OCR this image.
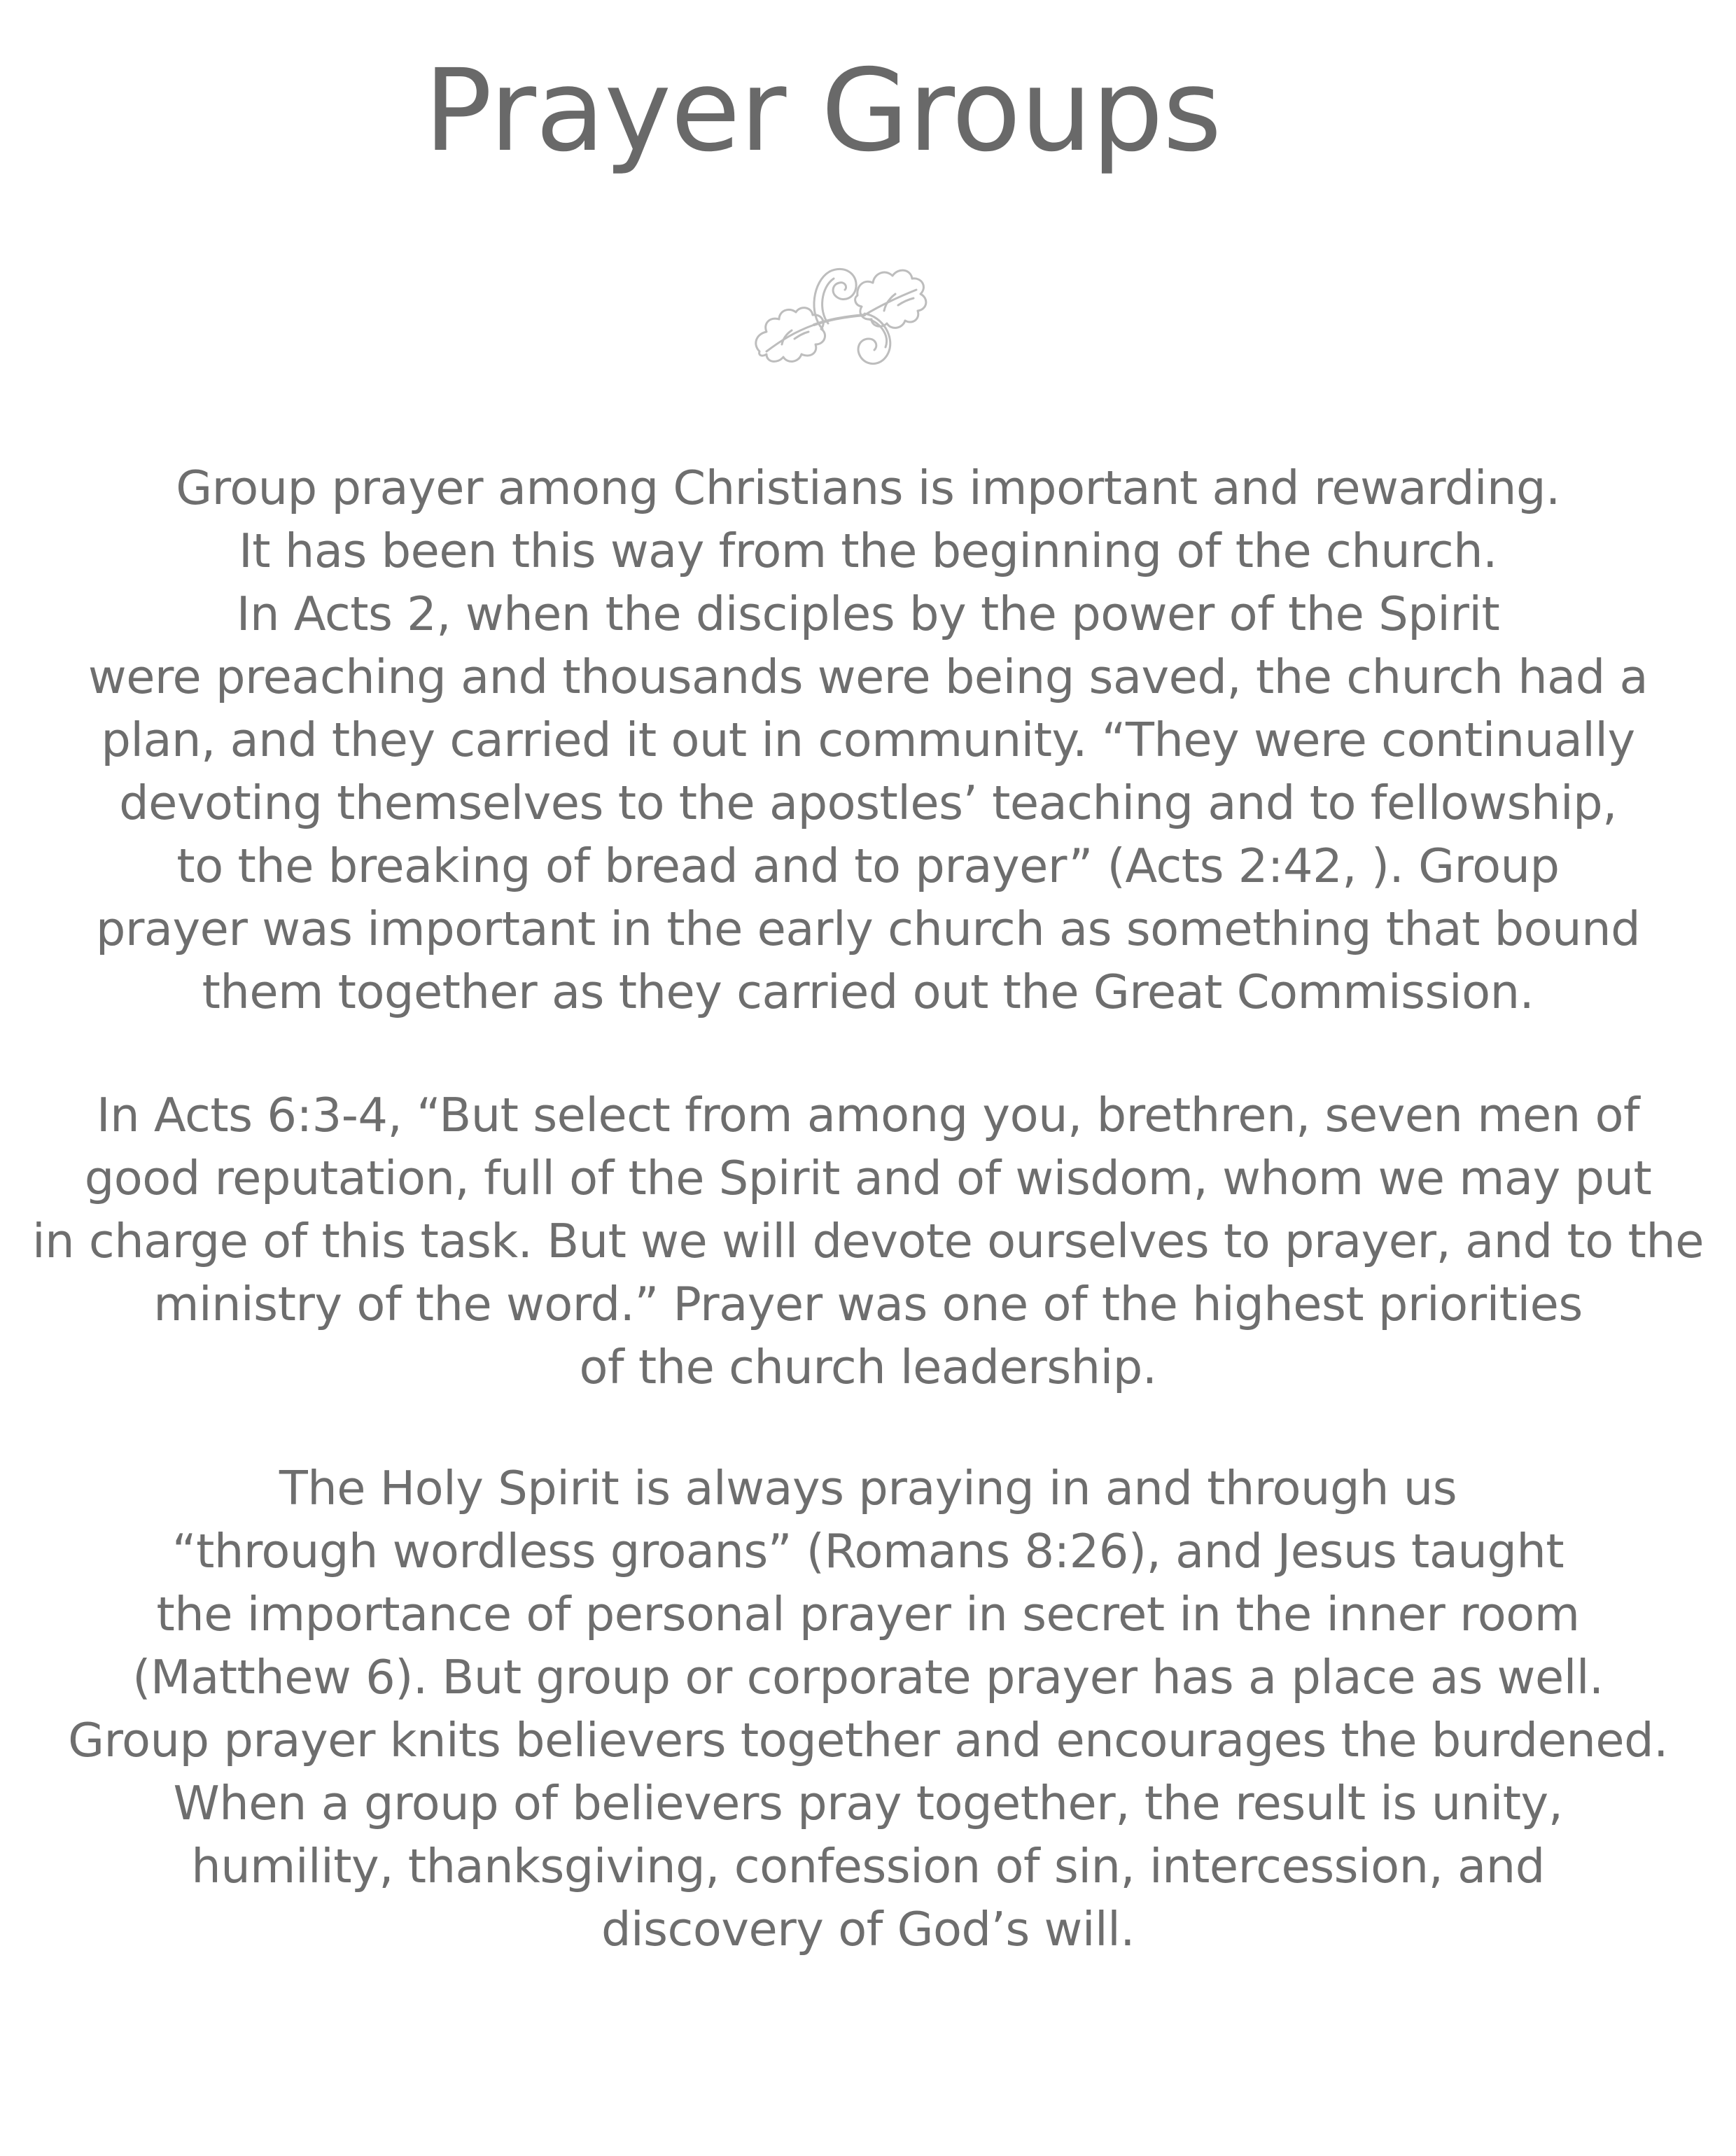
Prayer Groups
Group prayer among Christians is important and rewarding.
It has been this way from the beginning of the church.
In Acts 2, when the disciples by the power of the Spirit
were preaching and thousands were being saved, the church had a
plan, and they carried it out in community. “They were continually
devoting themselves to the apostles’ teaching and to fellowship,
to the breaking of bread and to prayer” (Acts 2:42, ). Group
prayer was important in the early church as something that bound
them together as they carried out the Great Commission.
In Acts 6:3-4, “But select from among you, brethren, seven men of
good reputation, full of the Spirit and of wisdom, whom we may put
in charge of this task. But we will devote ourselves to prayer, and to the
ministry of the word.” Prayer was one of the highest priorities
of the church leadership.
The Holy Spirit is always praying in and through us
“through wordless groans” (Romans 8:26), and Jesus taught
the importance of personal prayer in secret in the inner room
(Matthew 6). But group or corporate prayer has a place as well.
Group prayer knits believers together and encourages the burdened.
When a group of believers pray together, the result is unity,
humility, thanksgiving, confession of sin, intercession, and
discovery of God’s will.
